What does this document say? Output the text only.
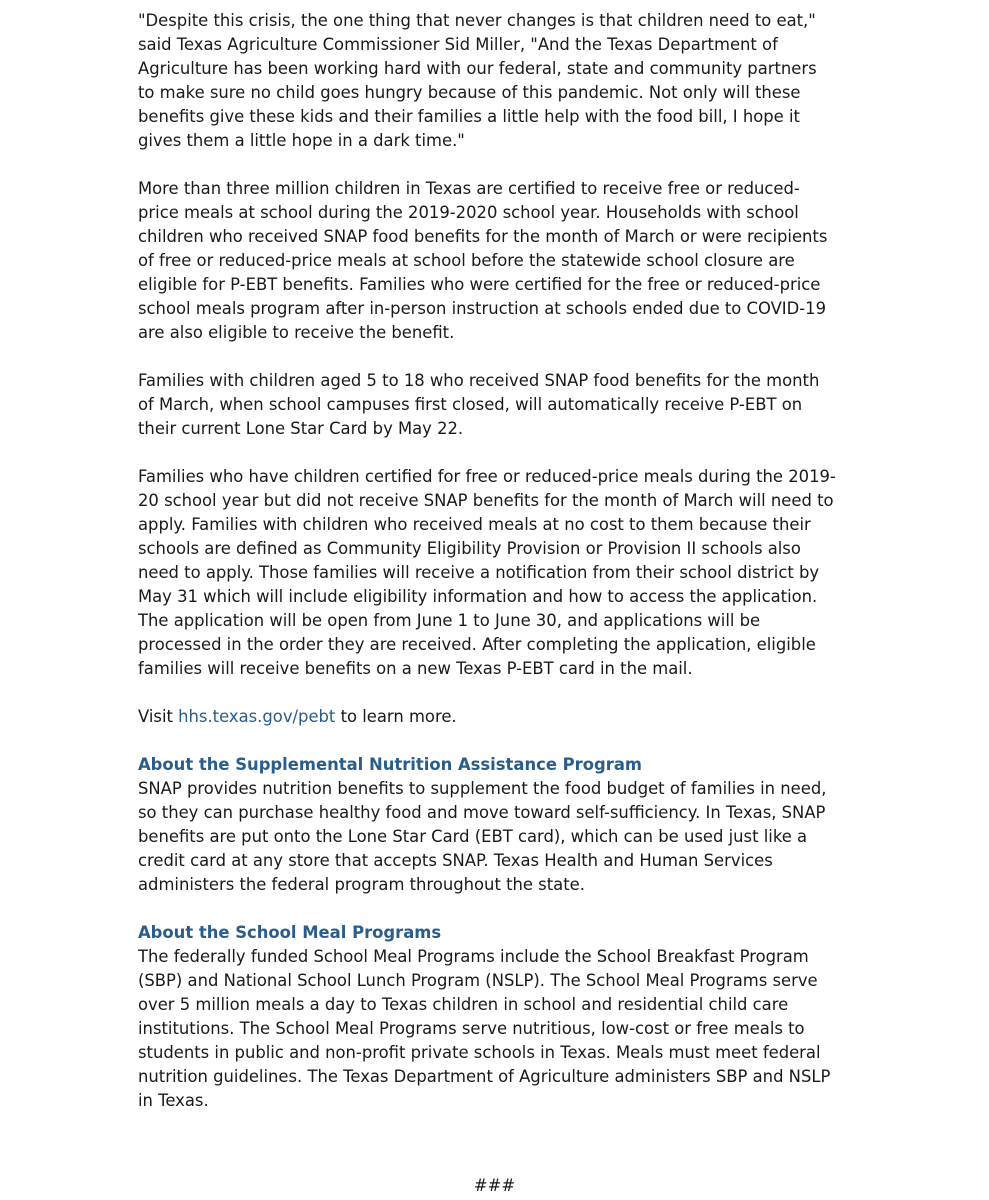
"Despite this crisis, the one thing that never changes is that children need to eat," said Texas Agriculture Commissioner Sid Miller, "And the Texas Department of Agriculture has been working hard with our federal, state and community partners to make sure no child goes hungry because of this pandemic. Not only will these benefits give these kids and their families a little help with the food bill, I hope it gives them a little hope in a dark time."

More than three million children in Texas are certified to receive free or reduced-price meals at school during the 2019-2020 school year. Households with school children who received SNAP food benefits for the month of March or were recipients of free or reduced-price meals at school before the statewide school closure are eligible for P-EBT benefits. Families who were certified for the free or reduced-price school meals program after in-person instruction at schools ended due to COVID-19 are also eligible to receive the benefit.

Families with children aged 5 to 18 who received SNAP food benefits for the month of March, when school campuses first closed, will automatically receive P-EBT on their current Lone Star Card by May 22.

Families who have children certified for free or reduced-price meals during the 2019-20 school year but did not receive SNAP benefits for the month of March will need to apply. Families with children who received meals at no cost to them because their schools are defined as Community Eligibility Provision or Provision II schools also need to apply. Those families will receive a notification from their school district by May 31 which will include eligibility information and how to access the application. The application will be open from June 1 to June 30, and applications will be processed in the order they are received. After completing the application, eligible families will receive benefits on a new Texas P-EBT card in the mail.

Visit hhs.texas.gov/pebt to learn more.

About the Supplemental Nutrition Assistance Program

SNAP provides nutrition benefits to supplement the food budget of families in need, so they can purchase healthy food and move toward self-sufficiency. In Texas, SNAP benefits are put onto the Lone Star Card (EBT card), which can be used just like a credit card at any store that accepts SNAP. Texas Health and Human Services administers the federal program throughout the state.

About the School Meal Programs

The federally funded School Meal Programs include the School Breakfast Program (SBP) and National School Lunch Program (NSLP). The School Meal Programs serve over 5 million meals a day to Texas children in school and residential child care institutions. The School Meal Programs serve nutritious, low-cost or free meals to students in public and non-profit private schools in Texas. Meals must meet federal nutrition guidelines. The Texas Department of Agriculture administers SBP and NSLP in Texas.

###
